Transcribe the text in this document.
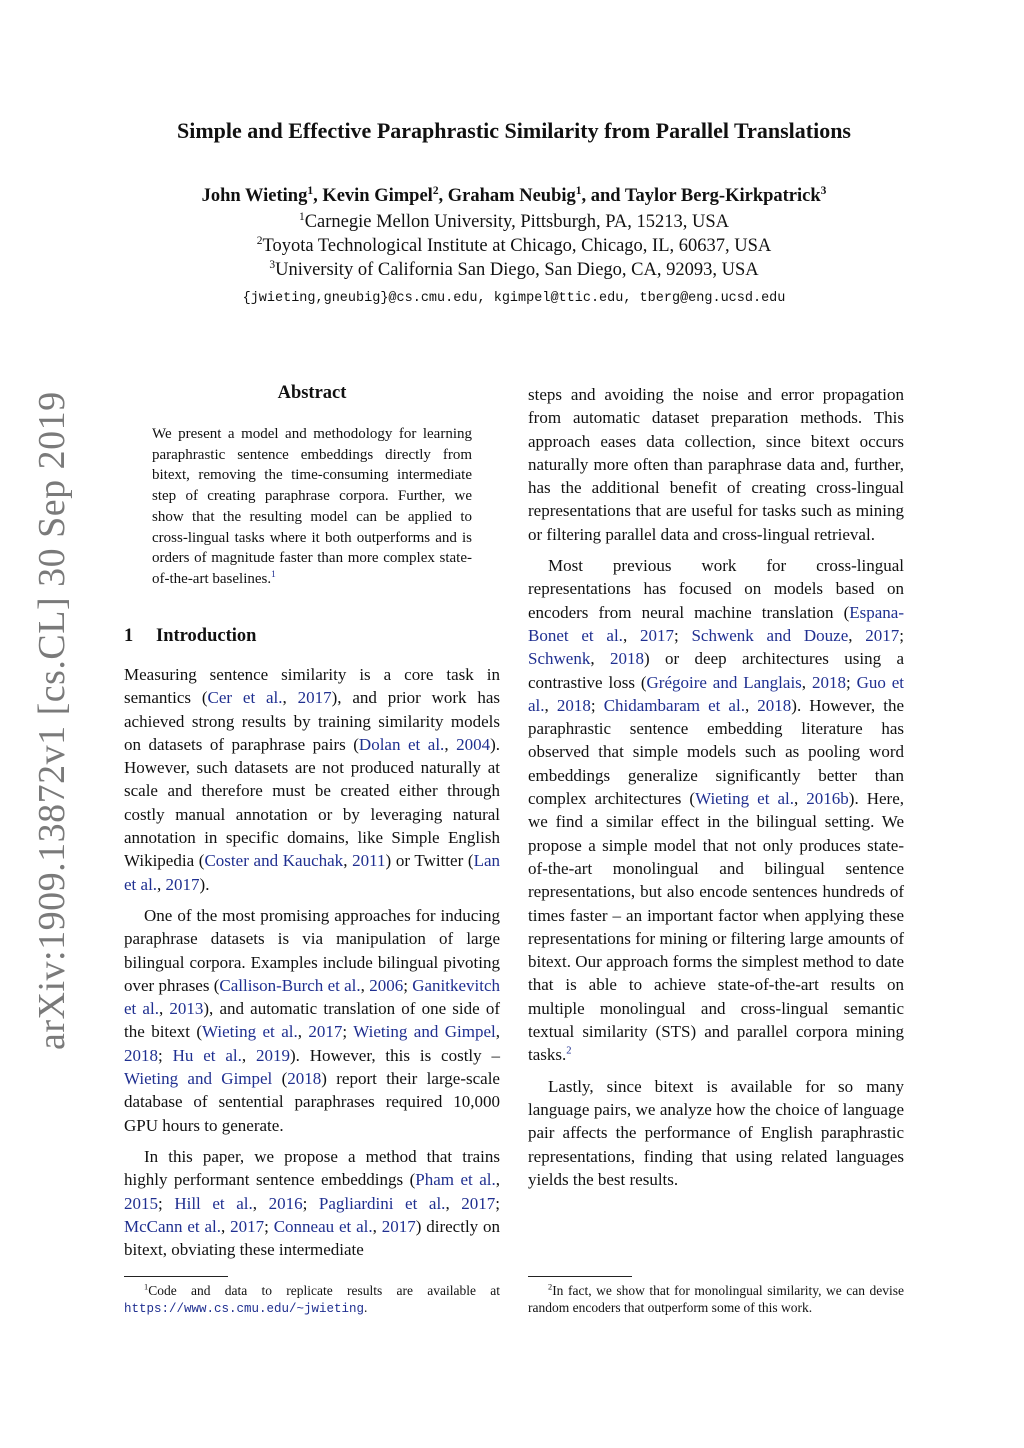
arXiv:1909.13872v1 [cs.CL] 30 Sep 2019
Simple and Effective Paraphrastic Similarity from Parallel Translations
John Wieting$^1$, Kevin Gimpel$^2$, Graham Neubig$^1$, and Taylor Berg-Kirkpatrick$^3$
$^1$Carnegie Mellon University, Pittsburgh, PA, 15213, USA
$^2$Toyota Technological Institute at Chicago, Chicago, IL, 60637, USA
$^3$University of California San Diego, San Diego, CA, 92093, USA
{jwieting,gneubig}@cs.cmu.edu, kgimpel@ttic.edu, tberg@eng.ucsd.edu
Abstract
We present a model and methodology for learning paraphrastic sentence embeddings directly from bitext, removing the time-consuming intermediate step of creating paraphrase corpora. Further, we show that the resulting model can be applied to cross-lingual tasks where it both outperforms and is orders of magnitude faster than more complex state-of-the-art baselines.$^1$
1 Introduction

Measuring sentence similarity is a core task in semantics (Cer et al., 2017), and prior work has achieved strong results by training similarity models on datasets of paraphrase pairs (Dolan et al., 2004). However, such datasets are not produced naturally at scale and therefore must be created either through costly manual annotation or by leveraging natural annotation in specific domains, like Simple English Wikipedia (Coster and Kauchak, 2011) or Twitter (Lan et al., 2017).

One of the most promising approaches for inducing paraphrase datasets is via manipulation of large bilingual corpora. Examples include bilingual pivoting over phrases (Callison-Burch et al., 2006; Ganitkevitch et al., 2013), and automatic translation of one side of the bitext (Wieting et al., 2017; Wieting and Gimpel, 2018; Hu et al., 2019). However, this is costly – Wieting and Gimpel (2018) report their large-scale database of sentential paraphrases required 10,000 GPU hours to generate.

In this paper, we propose a method that trains highly performant sentence embeddings (Pham et al., 2015; Hill et al., 2016; Pagliardini et al., 2017; McCann et al., 2017; Conneau et al., 2017) directly on bitext, obviating these intermediate

steps and avoiding the noise and error propagation from automatic dataset preparation methods. This approach eases data collection, since bitext occurs naturally more often than paraphrase data and, further, has the additional benefit of creating cross-lingual representations that are useful for tasks such as mining or filtering parallel data and cross-lingual retrieval.

Most previous work for cross-lingual representations has focused on models based on encoders from neural machine translation (Espana-Bonet et al., 2017; Schwenk and Douze, 2017; Schwenk, 2018) or deep architectures using a contrastive loss (Grégoire and Langlais, 2018; Guo et al., 2018; Chidambaram et al., 2018). However, the paraphrastic sentence embedding literature has observed that simple models such as pooling word embeddings generalize significantly better than complex architectures (Wieting et al., 2016b). Here, we find a similar effect in the bilingual setting. We propose a simple model that not only produces state-of-the-art monolingual and bilingual sentence representations, but also encode sentences hundreds of times faster – an important factor when applying these representations for mining or filtering large amounts of bitext. Our approach forms the simplest method to date that is able to achieve state-of-the-art results on multiple monolingual and cross-lingual semantic textual similarity (STS) and parallel corpora mining tasks.$^2$

Lastly, since bitext is available for so many language pairs, we analyze how the choice of language pair affects the performance of English paraphrastic representations, finding that using related languages yields the best results.

$^1$Code and data to replicate results are available at https://www.cs.cmu.edu/~jwieting.
$^2$In fact, we show that for monolingual similarity, we can devise random encoders that outperform some of this work.
